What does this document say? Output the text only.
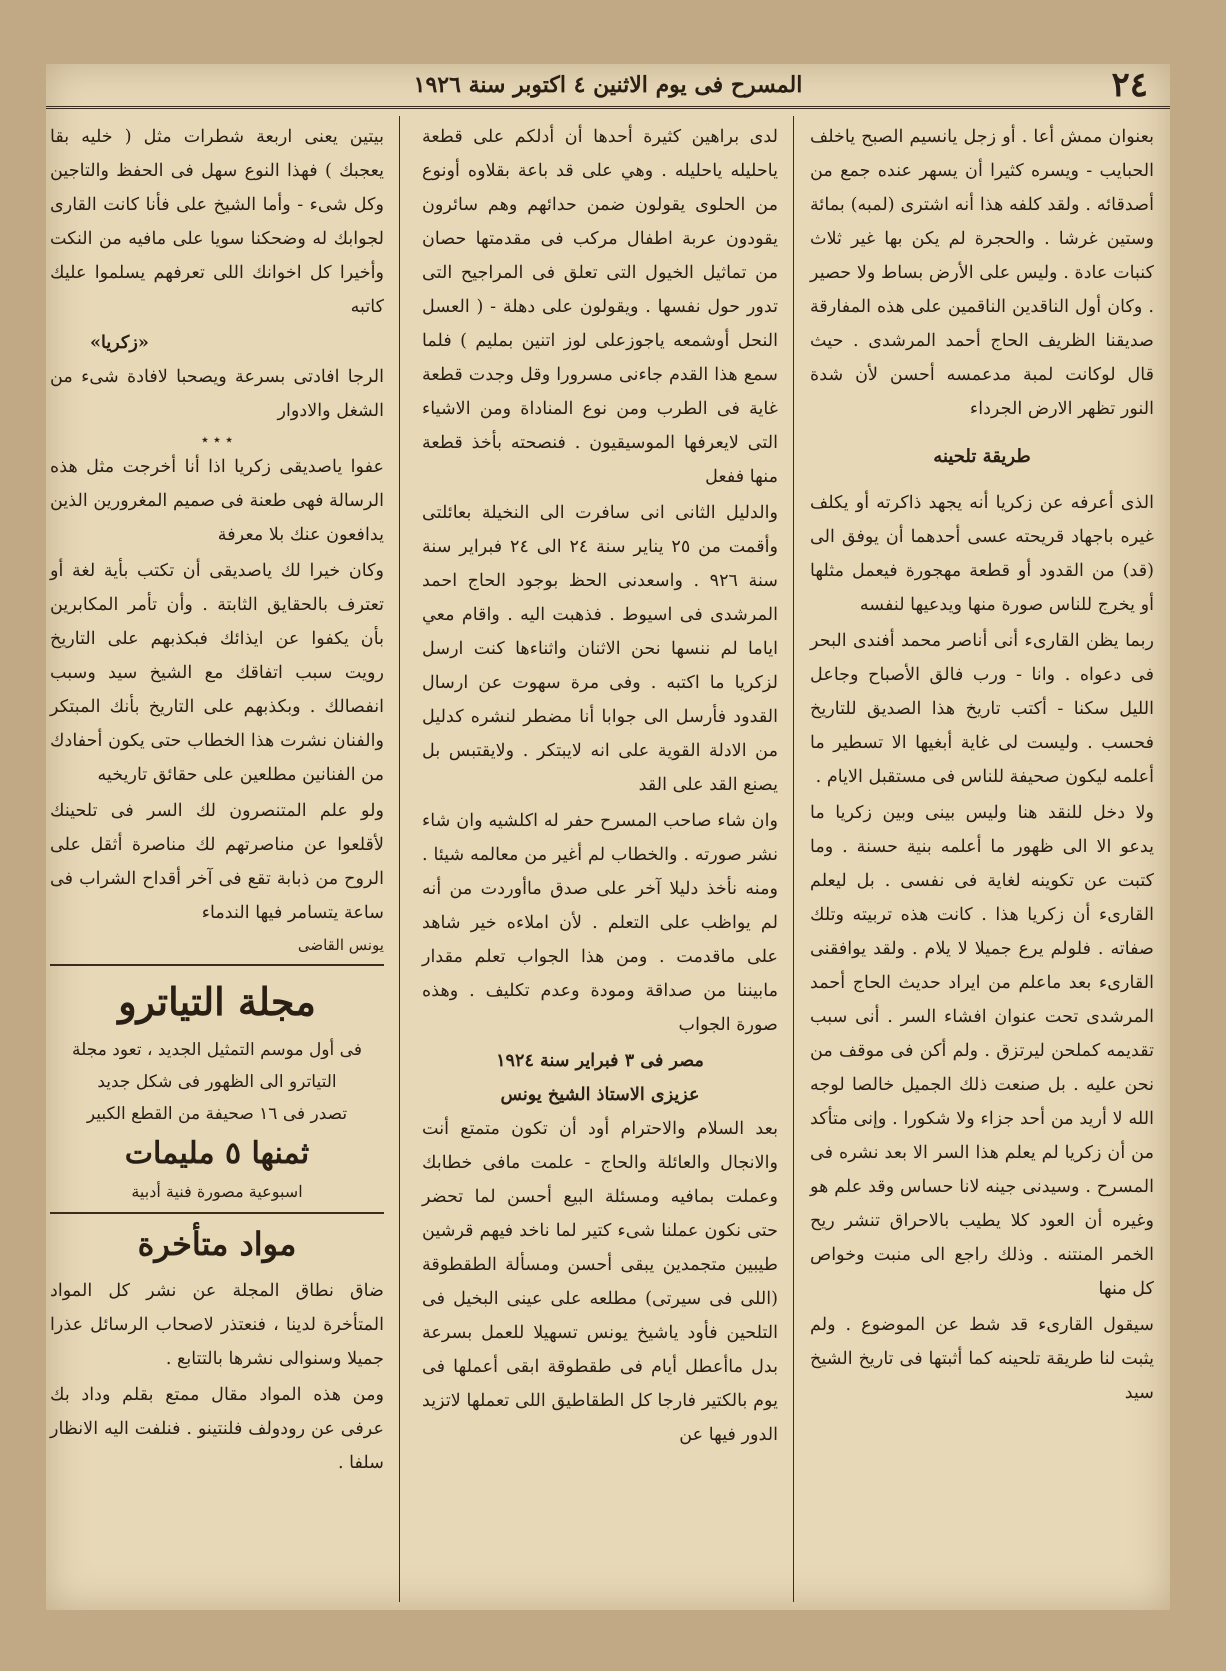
المسرح فى يوم الاثنين ٤ اكتوبر سنة ١٩٢٦	٢٤

بعنوان ممش أعا . أو زجل يانسيم الصبح ياخلف الحبايب - ويسره كثيرا أن يسهر عنده جمع من أصدقائه . ولقد كلفه هذا أنه اشترى (لمبه) بمائة وستين غرشا . والحجرة لم يكن بها غير ثلاث كنبات عادة . وليس على الأرض بساط ولا حصير . وكان أول الناقدين الناقمين على هذه المفارقة صديقنا الظريف الحاج أحمد المرشدى . حيث قال لوكانت لمبة مدعمسه أحسن لأن شدة النور تظهر الارض الجرداء

طريقة تلحينه

الذى أعرفه عن زكريا أنه يجهد ذاكرته أو يكلف غيره باجهاد قريحته عسى أحدهما أن يوفق الى (قد) من القدود أو قطعة مهجورة فيعمل مثلها أو يخرج للناس صورة منها ويدعيها لنفسه

ربما يظن القارىء أنى أناصر محمد أفندى البحر فى دعواه . وانا - ورب فالق الأصباح وجاعل الليل سكنا - أكتب تاريخ هذا الصديق للتاريخ فحسب . وليست لى غاية أبغيها الا تسطير ما أعلمه ليكون صحيفة للناس فى مستقبل الايام .

ولا دخل للنقد هنا وليس بينى وبين زكريا ما يدعو الا الى ظهور ما أعلمه بنية حسنة . وما كتبت عن تكوينه لغاية فى نفسى . بل ليعلم القارىء أن زكريا هذا . كانت هذه تربيته وتلك صفاته . فلولم يرع جميلا لا يلام . ولقد يوافقنى القارىء بعد ماعلم من ايراد حديث الحاج أحمد المرشدى تحت عنوان افشاء السر . أنى سبب تقديمه كملحن ليرتزق . ولم أكن فى موقف من نحن عليه . بل صنعت ذلك الجميل خالصا لوجه الله لا أريد من أحد جزاء ولا شكورا . وإنى متأكد من أن زكريا لم يعلم هذا السر الا بعد نشره فى المسرح . وسيدنى جينه لانا حساس وقد علم هو وغيره أن العود كلا يطيب بالاحراق تنشر ريح الخمر المنتنه . وذلك راجع الى منبت وخواص كل منها

سيقول القارىء قد شط عن الموضوع . ولم يثبت لنا طريقة تلحينه كما أثبتها فى تاريخ الشيخ سيد

لدى براهين كثيرة أحدها أن أدلكم على قطعة ياحليله ياحليله . وهي على قد باعة بقلاوه أونوع من الحلوى يقولون ضمن حدائهم وهم سائرون يقودون عربة اطفال مركب فى مقدمتها حصان من تماثيل الخيول التى تعلق فى المراجيح التى تدور حول نفسها . ويقولون على دهلة - ( العسل النحل أوشمعه ياجوزعلى لوز اتنين بمليم ) فلما سمع هذا القدم جاءنى مسرورا وقل وجدت قطعة غاية فى الطرب ومن نوع المناداة ومن الاشياء التى لايعرفها الموسيقيون . فنصحته بأخذ قطعة منها ففعل

والدليل الثانى انى سافرت الى النخيلة بعائلتى وأقمت من ٢٥ يناير سنة ٢٤ الى ٢٤ فبراير سنة سنة ٩٢٦ . واسعدنى الحظ بوجود الحاج احمد المرشدى فى اسيوط . فذهبت اليه . واقام معي اياما لم ننسها نحن الاثنان واثناءها كنت ارسل لزكريا ما اكتبه . وفى مرة سهوت عن ارسال القدود فأرسل الى جوابا أنا مضطر لنشره كدليل من الادلة القوية على انه لايبتكر . ولايقتبس بل يصنع القد على القد

وان شاء صاحب المسرح حفر له اكلشيه وان شاء نشر صورته . والخطاب لم أغير من معالمه شيئا . ومنه نأخذ دليلا آخر على صدق ماأوردت من أنه لم يواظب على التعلم . لأن املاءه خير شاهد على ماقدمت . ومن هذا الجواب تعلم مقدار مابيننا من صداقة ومودة وعدم تكليف . وهذه صورة الجواب

مصر فى ٣ فبراير سنة ١٩٢٤
عزيزى الاستاذ الشيخ يونس

بعد السلام والاحترام أود أن تكون متمتع أنت والانجال والعائلة والحاج - علمت مافى خطابك وعملت بمافيه ومسئلة البيع أحسن لما تحضر حتى نكون عملنا شىء كتير لما ناخد فيهم قرشين طيبين متجمدين يبقى أحسن ومسألة الطقطوقة (اللى فى سيرتى) مطلعه على عينى البخيل فى التلحين فأود ياشيخ يونس تسهيلا للعمل بسرعة بدل ماأعطل أيام فى طقطوقة ابقى أعملها فى يوم بالكتير فارجا كل الطقاطيق اللى تعملها لاتزيد الدور فيها عن

بيتين يعنى اربعة شطرات مثل ( خليه بقا يعجبك ) فهذا النوع سهل فى الحفظ والتاجين وكل شىء - وأما الشيخ على فأنا كانت القارى لجوابك له وضحكنا سويا على مافيه من النكت وأخيرا كل اخوانك اللى تعرفهم يسلموا عليك كاتبه

«زكريا»

الرجا افادتى بسرعة ويصحبا لافادة شىء من الشغل والادوار

٭ ٭ ٭

عفوا ياصديقى زكريا اذا أنا أخرجت مثل هذه الرسالة فهى طعنة فى صميم المغرورين الذين يدافعون عنك بلا معرفة

وكان خيرا لك ياصديقى أن تكتب بأية لغة أو تعترف بالحقايق الثابتة . وأن تأمر المكابرين بأن يكفوا عن ايذائك فبكذبهم على التاريخ رويت سبب اتفاقك مع الشيخ سيد وسبب انفصالك . وبكذبهم على التاريخ بأنك المبتكر والفنان نشرت هذا الخطاب حتى يكون أحفادك من الفنانين مطلعين على حقائق تاريخيه

ولو علم المتنصرون لك السر فى تلحينك لأقلعوا عن مناصرتهم لك مناصرة أثقل على الروح من ذبابة تقع فى آخر أقداح الشراب فى ساعة يتسامر فيها الندماء

يونس القاضى
مجلة التياترو
فى أول موسم التمثيل الجديد ، تعود مجلة التياترو الى الظهور فى شكل جديد
تصدر فى ١٦ صحيفة من القطع الكبير
ثمنها ٥ مليمات
اسبوعية مصورة فنية أدبية
مواد متأخرة

ضاق نطاق المجلة عن نشر كل المواد المتأخرة لدينا ، فنعتذر لاصحاب الرسائل عذرا جميلا وسنوالى نشرها بالتتابع .

ومن هذه المواد مقال ممتع بقلم وداد بك عرفى عن رودولف فلنتينو . فنلفت اليه الانظار سلفا .
